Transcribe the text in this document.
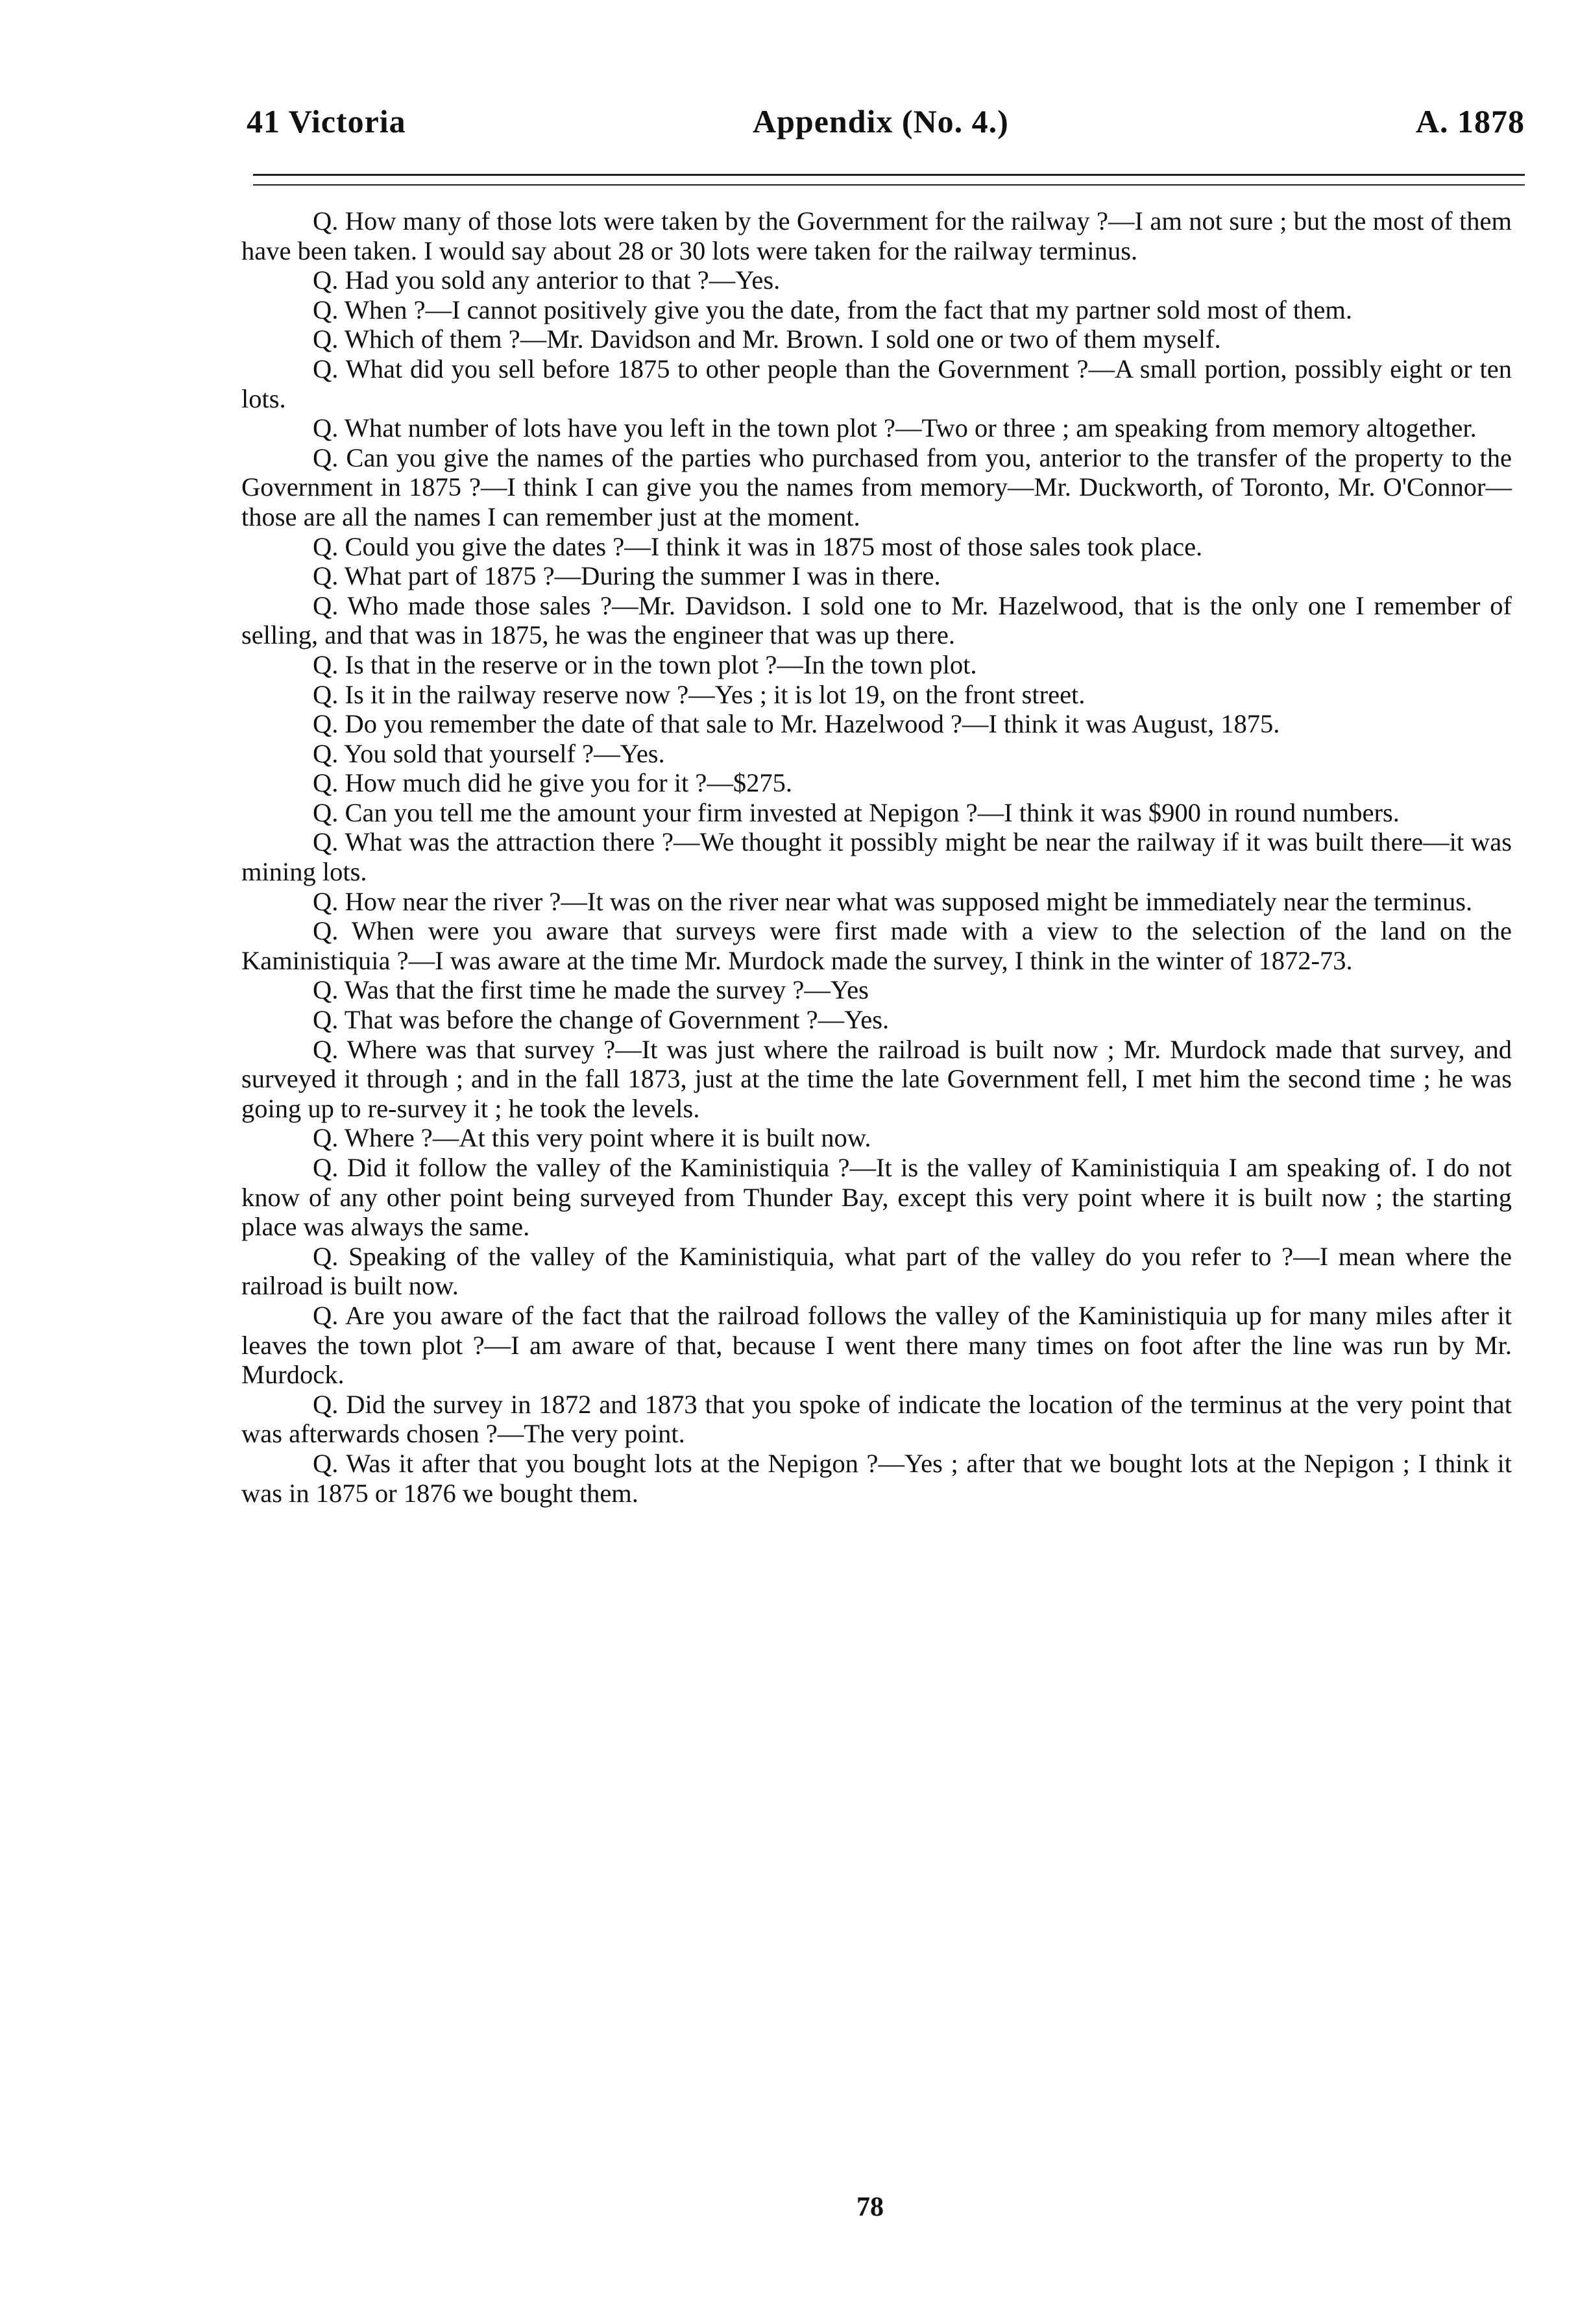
41 Victoria	Appendix (No. 4.)	A. 1878

Q. How many of those lots were taken by the Government for the railway ?—I am not sure ; but the most of them have been taken. I would say about 28 or 30 lots were taken for the railway terminus.

Q. Had you sold any anterior to that ?—Yes.

Q. When ?—I cannot positively give you the date, from the fact that my partner sold most of them.

Q. Which of them ?—Mr. Davidson and Mr. Brown. I sold one or two of them myself.

Q. What did you sell before 1875 to other people than the Government ?—A small portion, possibly eight or ten lots.

Q. What number of lots have you left in the town plot ?—Two or three ; am speaking from memory altogether.

Q. Can you give the names of the parties who purchased from you, anterior to the transfer of the property to the Government in 1875 ?—I think I can give you the names from memory—Mr. Duckworth, of Toronto, Mr. O'Connor—those are all the names I can remember just at the moment.

Q. Could you give the dates ?—I think it was in 1875 most of those sales took place.

Q. What part of 1875 ?—During the summer I was in there.

Q. Who made those sales ?—Mr. Davidson. I sold one to Mr. Hazelwood, that is the only one I remember of selling, and that was in 1875, he was the engineer that was up there.

Q. Is that in the reserve or in the town plot ?—In the town plot.

Q. Is it in the railway reserve now ?—Yes ; it is lot 19, on the front street.

Q. Do you remember the date of that sale to Mr. Hazelwood ?—I think it was August, 1875.

Q. You sold that yourself ?—Yes.

Q. How much did he give you for it ?—$275.

Q. Can you tell me the amount your firm invested at Nepigon ?—I think it was $900 in round numbers.

Q. What was the attraction there ?—We thought it possibly might be near the railway if it was built there—it was mining lots.

Q. How near the river ?—It was on the river near what was supposed might be immediately near the terminus.

Q. When were you aware that surveys were first made with a view to the selection of the land on the Kaministiquia ?—I was aware at the time Mr. Murdock made the survey, I think in the winter of 1872-73.

Q. Was that the first time he made the survey ?—Yes

Q. That was before the change of Government ?—Yes.

Q. Where was that survey ?—It was just where the railroad is built now ; Mr. Murdock made that survey, and surveyed it through ; and in the fall 1873, just at the time the late Government fell, I met him the second time ; he was going up to re-survey it ; he took the levels.

Q. Where ?—At this very point where it is built now.

Q. Did it follow the valley of the Kaministiquia ?—It is the valley of Kaministiquia I am speaking of. I do not know of any other point being surveyed from Thunder Bay, except this very point where it is built now ; the starting place was always the same.

Q. Speaking of the valley of the Kaministiquia, what part of the valley do you refer to ?—I mean where the railroad is built now.

Q. Are you aware of the fact that the railroad follows the valley of the Kaministiquia up for many miles after it leaves the town plot ?—I am aware of that, because I went there many times on foot after the line was run by Mr. Murdock.

Q. Did the survey in 1872 and 1873 that you spoke of indicate the location of the terminus at the very point that was afterwards chosen ?—The very point.

Q. Was it after that you bought lots at the Nepigon ?—Yes ; after that we bought lots at the Nepigon ; I think it was in 1875 or 1876 we bought them.

78
